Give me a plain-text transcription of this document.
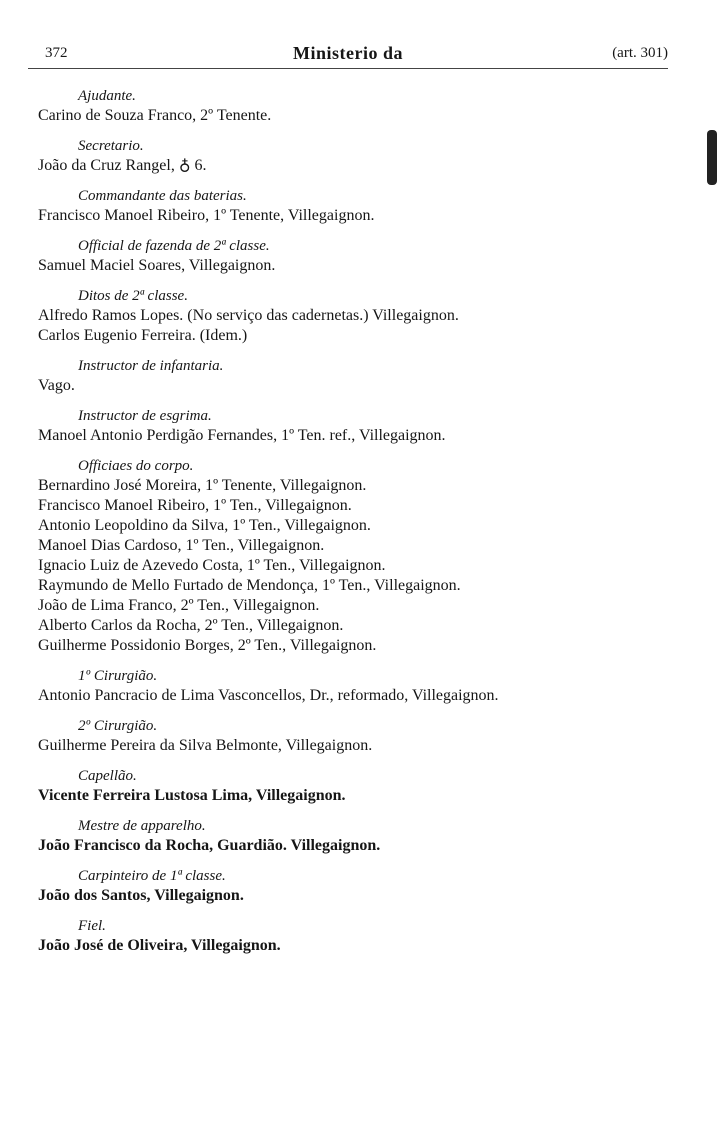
372	Ministerio da	(art. 301)
Ajudante.
Carino de Souza Franco, 2º Tenente.
Secretario.
João da Cruz Rangel, ♁ 6.
Commandante das baterias.
Francisco Manoel Ribeiro, 1º Tenente, Villegaignon.
Official de fazenda de 2ª classe.
Samuel Maciel Soares, Villegaignon.
Ditos de 2ª classe.
Alfredo Ramos Lopes. (No serviço das cadernetas.) Villegaignon.
Carlos Eugenio Ferreira. (Idem.)
Instructor de infantaria.
Vago.
Instructor de esgrima.
Manoel Antonio Perdigão Fernandes, 1º Ten. ref., Villegaignon.
Officiaes do corpo.
Bernardino José Moreira, 1º Tenente, Villegaignon.
Francisco Manoel Ribeiro, 1º Ten., Villegaignon.
Antonio Leopoldino da Silva, 1º Ten., Villegaignon.
Manoel Dias Cardoso, 1º Ten., Villegaignon.
Ignacio Luiz de Azevedo Costa, 1º Ten., Villegaignon.
Raymundo de Mello Furtado de Mendonça, 1º Ten., Villegaignon.
João de Lima Franco, 2º Ten., Villegaignon.
Alberto Carlos da Rocha, 2º Ten., Villegaignon.
Guilherme Possidonio Borges, 2º Ten., Villegaignon.
1º Cirurgião.
Antonio Pancracio de Lima Vasconcellos, Dr., reformado, Villegaignon.
2º Cirurgião.
Guilherme Pereira da Silva Belmonte, Villegaignon.
Capellão.
Vicente Ferreira Lustosa Lima, Villegaignon.
Mestre de apparelho.
João Francisco da Rocha, Guardião. Villegaignon.
Carpinteiro de 1ª classe.
João dos Santos, Villegaignon.
Fiel.
João José de Oliveira, Villegaignon.
